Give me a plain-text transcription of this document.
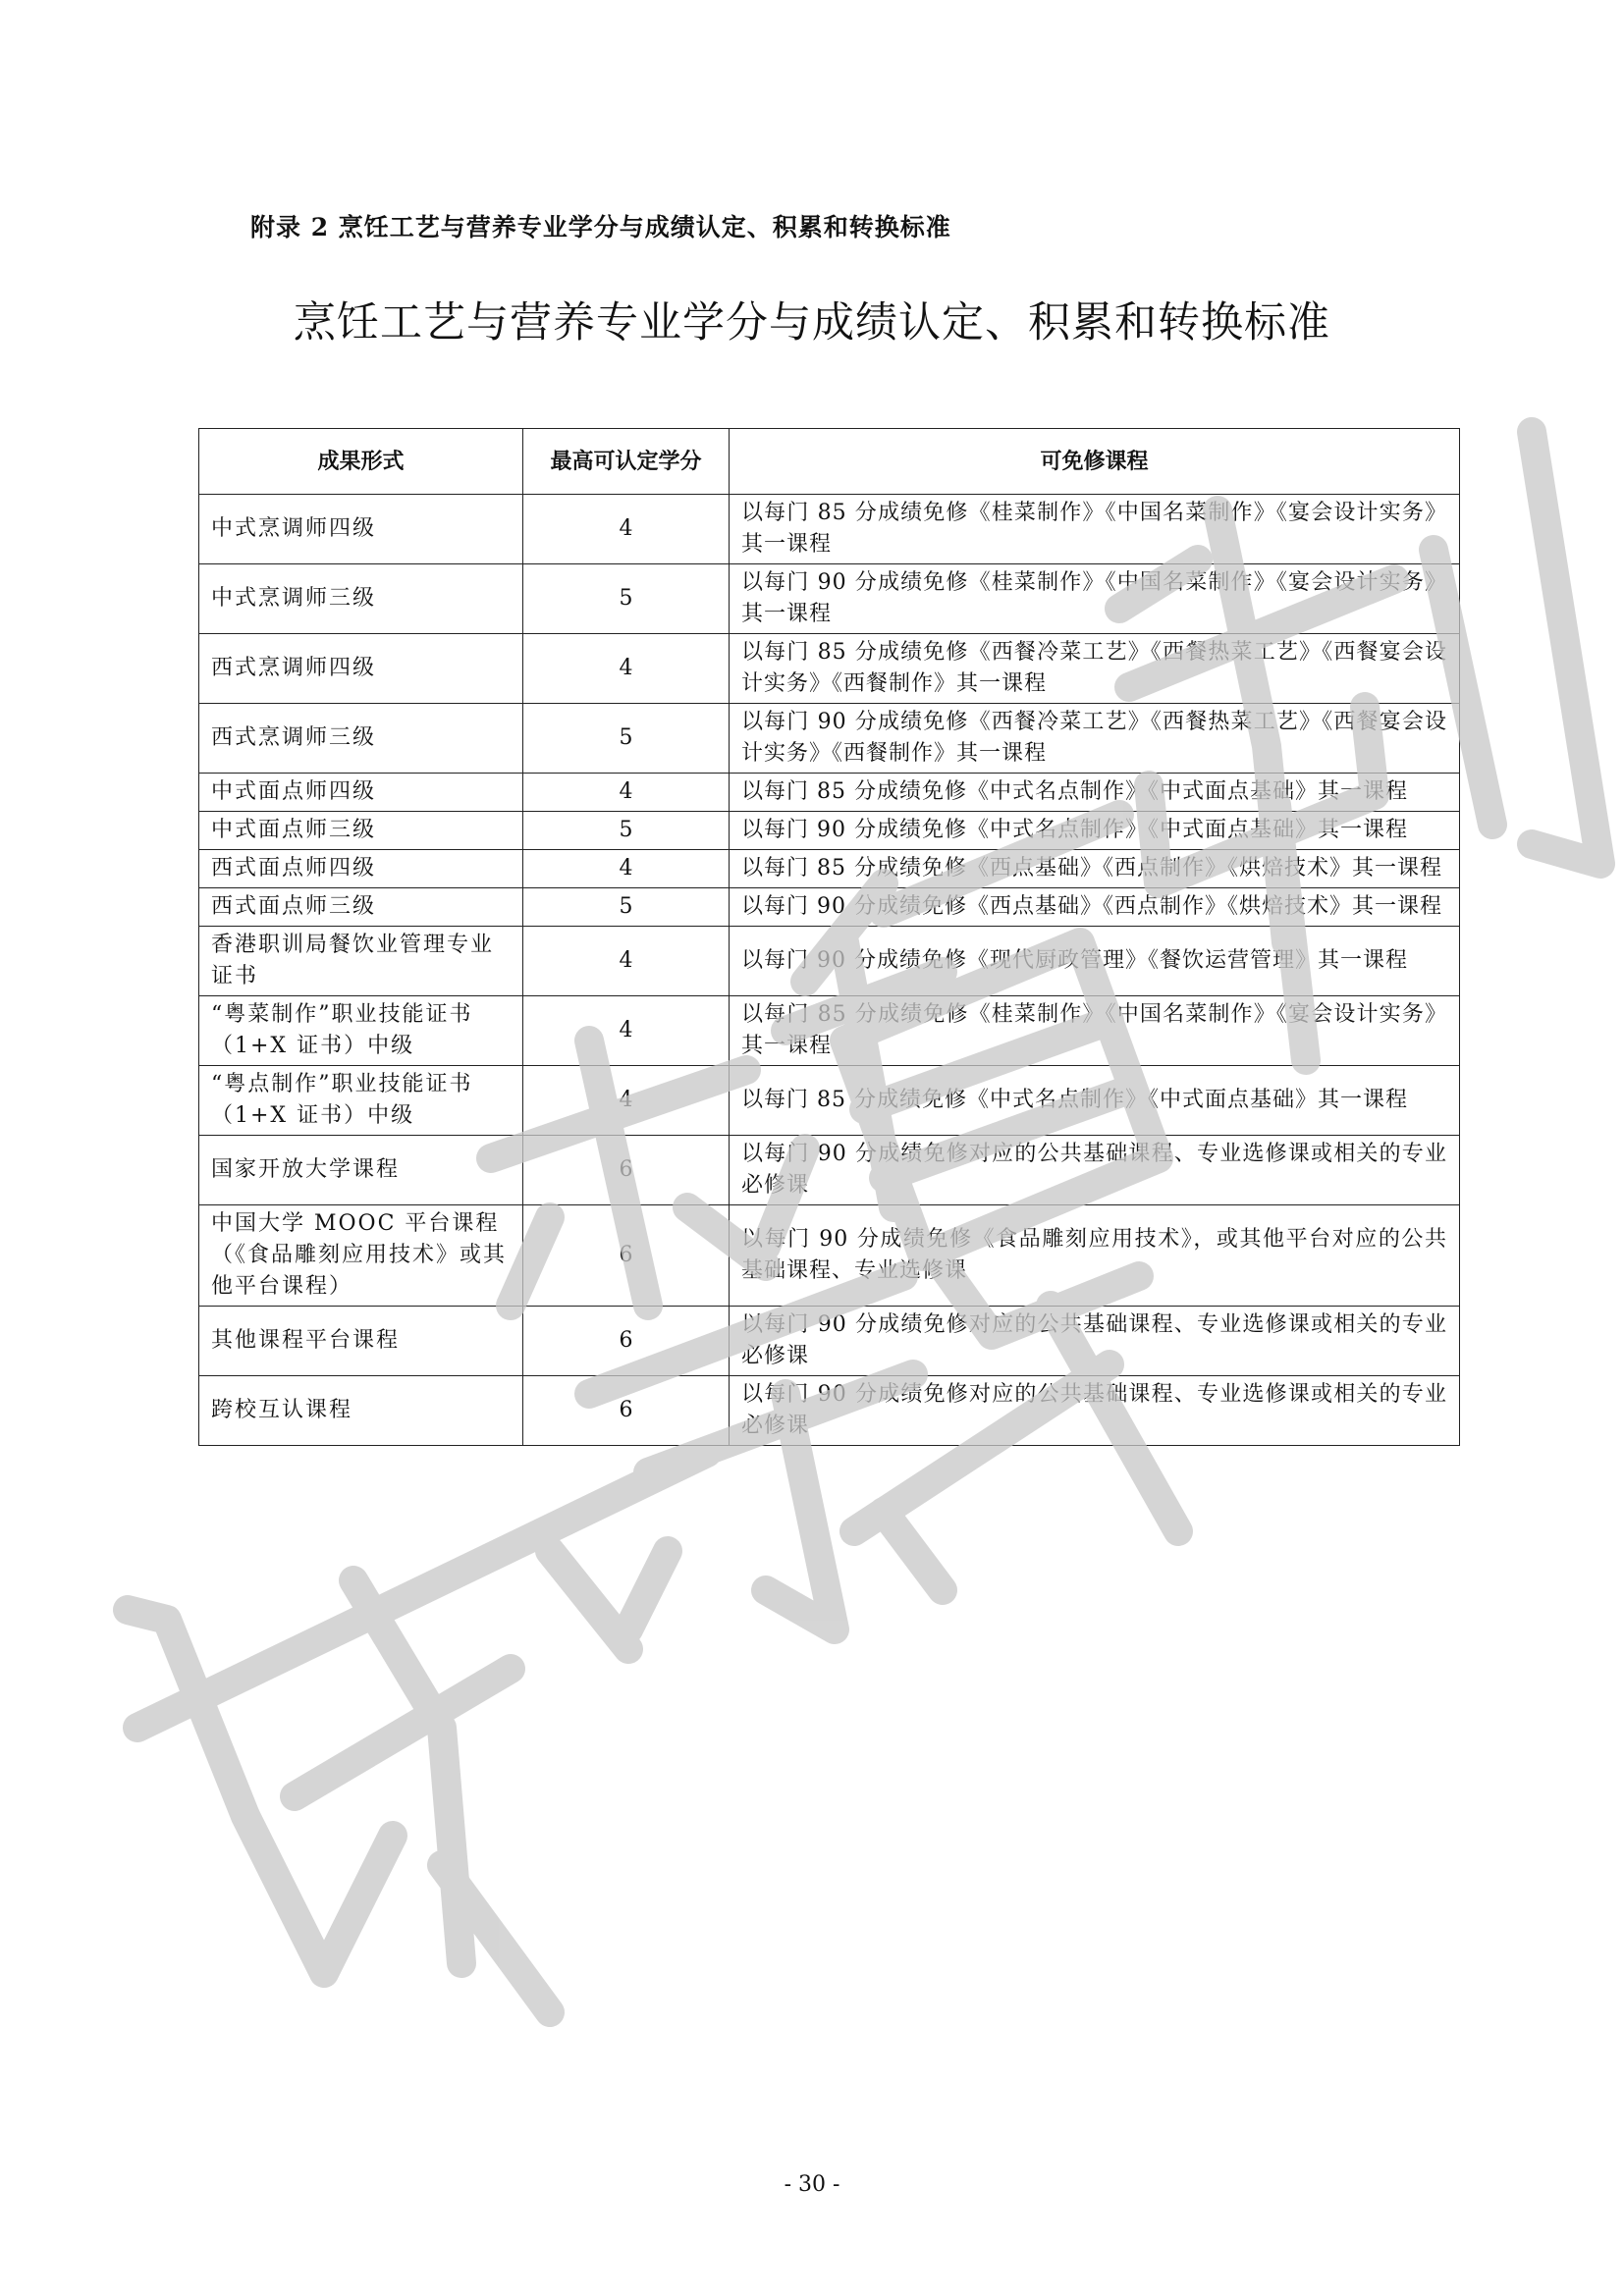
附录 2 烹饪工艺与营养专业学分与成绩认定、积累和转换标准
烹饪工艺与营养专业学分与成绩认定、积累和转换标准
成果形式	最高可认定学分	可免修课程
中式烹调师四级	4	以每门 85 分成绩免修《桂菜制作》《中国名菜制作》《宴会设计实务》其一课程
中式烹调师三级	5	以每门 90 分成绩免修《桂菜制作》《中国名菜制作》《宴会设计实务》其一课程
西式烹调师四级	4	以每门 85 分成绩免修《西餐冷菜工艺》《西餐热菜工艺》《西餐宴会设计实务》《西餐制作》其一课程
西式烹调师三级	5	以每门 90 分成绩免修《西餐冷菜工艺》《西餐热菜工艺》《西餐宴会设计实务》《西餐制作》其一课程
中式面点师四级	4	以每门 85 分成绩免修《中式名点制作》《中式面点基础》其一课程
中式面点师三级	5	以每门 90 分成绩免修《中式名点制作》《中式面点基础》其一课程
西式面点师四级	4	以每门 85 分成绩免修《西点基础》《西点制作》《烘焙技术》其一课程
西式面点师三级	5	以每门 90 分成绩免修《西点基础》《西点制作》《烘焙技术》其一课程
香港职训局餐饮业管理专业证书	4	以每门 90 分成绩免修《现代厨政管理》《餐饮运营管理》其一课程
“粤菜制作”职业技能证书（1+X 证书）中级	4	以每门 85 分成绩免修《桂菜制作》《中国名菜制作》《宴会设计实务》其一课程
“粤点制作”职业技能证书（1+X 证书）中级	4	以每门 85 分成绩免修《中式名点制作》《中式面点基础》其一课程
国家开放大学课程	6	以每门 90 分成绩免修对应的公共基础课程、专业选修课或相关的专业必修课
中国大学 MOOC 平台课程（《食品雕刻应用技术》或其他平台课程）	6	以每门 90 分成绩免修《食品雕刻应用技术》，或其他平台对应的公共基础课程、专业选修课
其他课程平台课程	6	以每门 90 分成绩免修对应的公共基础课程、专业选修课或相关的专业必修课
跨校互认课程	6	以每门 90 分成绩免修对应的公共基础课程、专业选修课或相关的专业必修课
- 30 -
